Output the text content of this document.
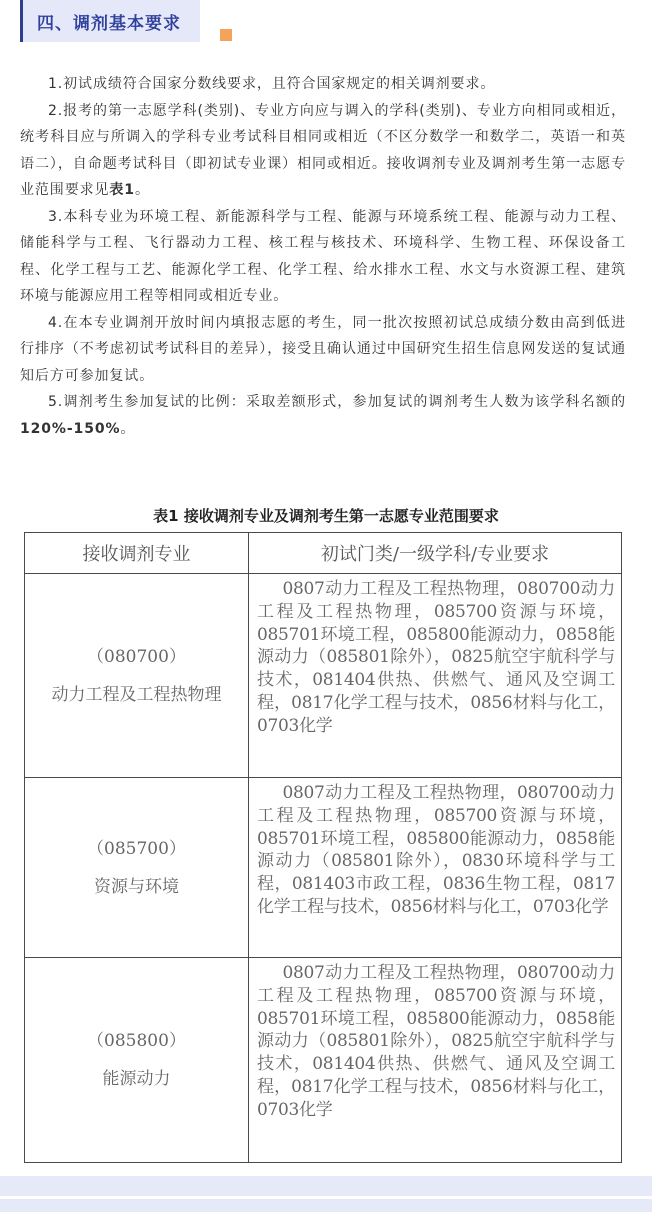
四、调剂基本要求

1.初试成绩符合国家分数线要求，且符合国家规定的相关调剂要求。

2.报考的第一志愿学科(类别)、专业方向应与调入的学科(类别)、专业方向相同或相近，统考科目应与所调入的学科专业考试科目相同或相近（不区分数学一和数学二，英语一和英语二），自命题考试科目（即初试专业课）相同或相近。接收调剂专业及调剂考生第一志愿专业范围要求见表1。

3.本科专业为环境工程、新能源科学与工程、能源与环境系统工程、能源与动力工程、储能科学与工程、飞行器动力工程、核工程与核技术、环境科学、生物工程、环保设备工程、化学工程与工艺、能源化学工程、化学工程、给水排水工程、水文与水资源工程、建筑环境与能源应用工程等相同或相近专业。

4.在本专业调剂开放时间内填报志愿的考生，同一批次按照初试总成绩分数由高到低进行排序（不考虑初试考试科目的差异），接受且确认通过中国研究生招生信息网发送的复试通知后方可参加复试。

5.调剂考生参加复试的比例：采取差额形式，参加复试的调剂考生人数为该学科名额的120%-150%。

表1 接收调剂专业及调剂考生第一志愿专业范围要求
接收调剂专业	初试门类/一级学科/专业要求

（080700）
动力工程及工程热物理	0807动力工程及工程热物理，080700动力工程及工程热物理，085700资源与环境，085701环境工程，085800能源动力，0858能源动力（085801除外），0825航空宇航科学与技术，081404供热、供燃气、通风及空调工程，0817化学工程与技术，0856材料与化工，0703化学

（085700）
资源与环境	0807动力工程及工程热物理，080700动力工程及工程热物理，085700资源与环境，085701环境工程，085800能源动力，0858能源动力（085801除外），0830环境科学与工程，081403市政工程，0836生物工程，0817化学工程与技术，0856材料与化工，0703化学

（085800）
能源动力	0807动力工程及工程热物理，080700动力工程及工程热物理，085700资源与环境，085701环境工程，085800能源动力，0858能源动力（085801除外），0825航空宇航科学与技术，081404供热、供燃气、通风及空调工程，0817化学工程与技术，0856材料与化工，0703化学
